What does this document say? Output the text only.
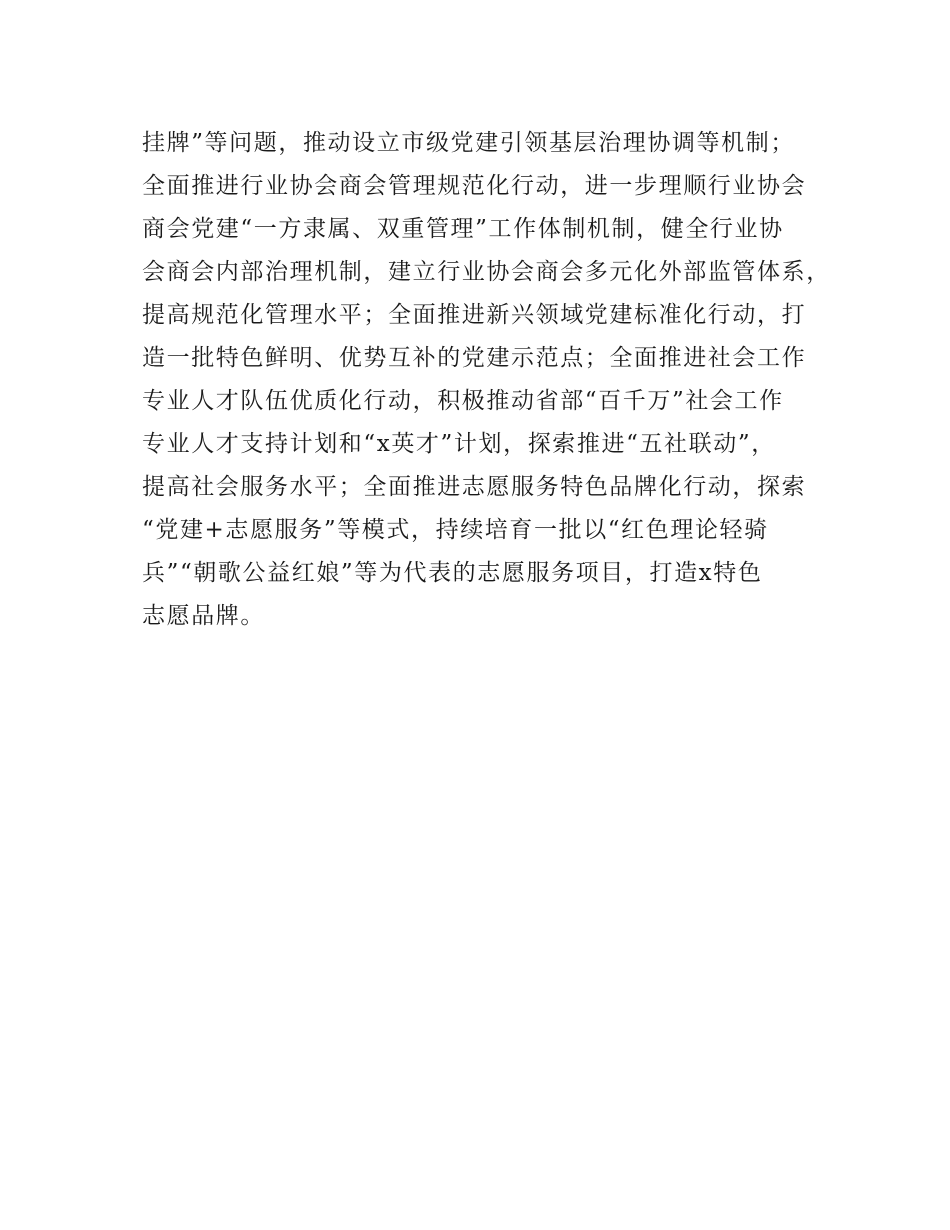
挂牌”等问题，推动设立市级党建引领基层治理协调等机制；
全面推进行业协会商会管理规范化行动，进一步理顺行业协会
商会党建“一方隶属、双重管理”工作体制机制，健全行业协
会商会内部治理机制，建立行业协会商会多元化外部监管体系，
提高规范化管理水平；全面推进新兴领域党建标准化行动，打
造一批特色鲜明、优势互补的党建示范点；全面推进社会工作
专业人才队伍优质化行动，积极推动省部“百千万”社会工作
专业人才支持计划和“x英才”计划，探索推进“五社联动”，
提高社会服务水平；全面推进志愿服务特色品牌化行动，探索
“党建+志愿服务”等模式，持续培育一批以“红色理论轻骑
兵”“朝歌公益红娘”等为代表的志愿服务项目，打造x特色
志愿品牌。
